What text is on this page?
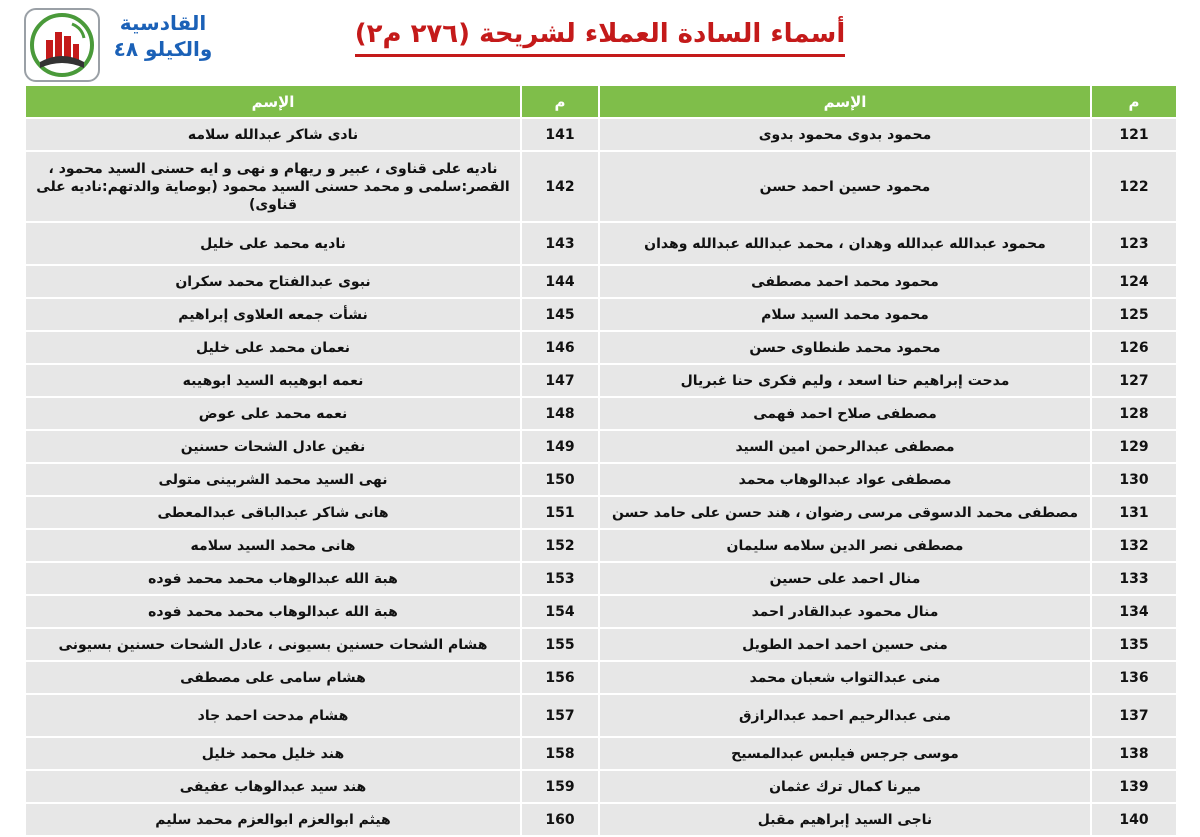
القادسية
والكيلو ٤٨	أسماء السادة العملاء لشريحة (٢٧٦ م٢)
الإسم	م	الإسم	م
نادى شاكر عبدالله سلامه	141	محمود بدوى محمود بدوى	121
ناديه على قناوى ، عبير و ريهام و نهى و ايه حسنى السيد محمود ، القصر:سلمى و محمد حسنى السيد محمود (بوصاية والدتهم:ناديه على قناوى)	142	محمود حسين احمد حسن	122
ناديه محمد على خليل	143	محمود عبدالله عبدالله وهدان ، محمد عبدالله عبدالله وهدان	123
نبوى عبدالفتاح محمد سكران	144	محمود محمد احمد مصطفى	124
نشأت جمعه العلاوى إبراهيم	145	محمود محمد السيد سلام	125
نعمان محمد على خليل	146	محمود محمد طنطاوى حسن	126
نعمه ابوهيبه السيد ابوهيبه	147	مدحت إبراهيم حنا اسعد ، وليم فكرى حنا غبريال	127
نعمه محمد على عوض	148	مصطفى صلاح احمد فهمى	128
نفين عادل الشحات حسنين	149	مصطفى عبدالرحمن امين السيد	129
نهى السيد محمد الشربينى متولى	150	مصطفى عواد عبدالوهاب محمد	130
هانى شاكر عبدالباقى عبدالمعطى	151	مصطفى محمد الدسوقى مرسى رضوان ، هند حسن على حامد حسن	131
هانى محمد السيد سلامه	152	مصطفى نصر الدين سلامه سليمان	132
هبة الله عبدالوهاب محمد محمد فوده	153	منال احمد على حسين	133
هبة الله عبدالوهاب محمد محمد فوده	154	منال محمود عبدالقادر احمد	134
هشام الشحات حسنين بسيونى ، عادل الشحات حسنين بسيونى	155	منى حسين احمد احمد الطويل	135
هشام سامى على مصطفى	156	منى عبدالتواب شعبان محمد	136
هشام مدحت احمد جاد	157	منى عبدالرحيم احمد عبدالرازق	137
هند خليل محمد خليل	158	موسى جرجس فيلبس عبدالمسيح	138
هند سيد عبدالوهاب عفيفى	159	ميرنا كمال ترك عثمان	139
هيثم ابوالعزم ابوالعزم محمد سليم	160	ناجى السيد إبراهيم مقبل	140
